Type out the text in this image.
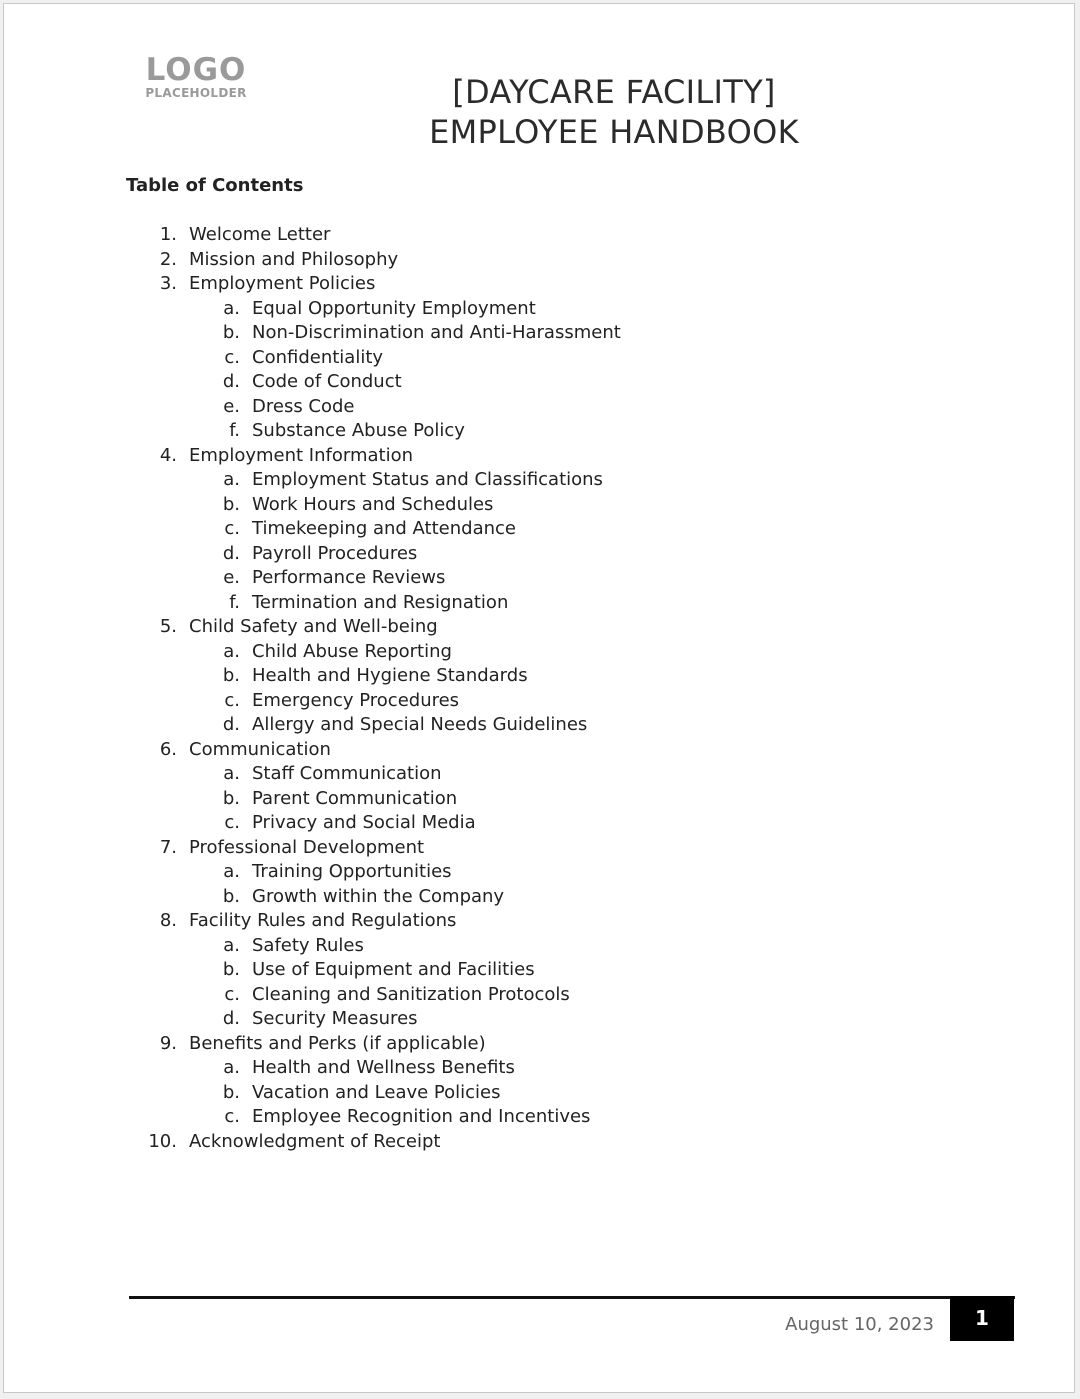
LOGO
PLACEHOLDER	[DAYCARE FACILITY]
EMPLOYEE HANDBOOK
Table of Contents
1. Welcome Letter
2. Mission and Philosophy
3. Employment Policies
a. Equal Opportunity Employment
b. Non-Discrimination and Anti-Harassment
c. Confidentiality
d. Code of Conduct
e. Dress Code
f. Substance Abuse Policy
4. Employment Information
a. Employment Status and Classifications
b. Work Hours and Schedules
c. Timekeeping and Attendance
d. Payroll Procedures
e. Performance Reviews
f. Termination and Resignation
5. Child Safety and Well-being
a. Child Abuse Reporting
b. Health and Hygiene Standards
c. Emergency Procedures
d. Allergy and Special Needs Guidelines
6. Communication
a. Staff Communication
b. Parent Communication
c. Privacy and Social Media
7. Professional Development
a. Training Opportunities
b. Growth within the Company
8. Facility Rules and Regulations
a. Safety Rules
b. Use of Equipment and Facilities
c. Cleaning and Sanitization Protocols
d. Security Measures
9. Benefits and Perks (if applicable)
a. Health and Wellness Benefits
b. Vacation and Leave Policies
c. Employee Recognition and Incentives
10. Acknowledgment of Receipt
August 10, 2023	1
